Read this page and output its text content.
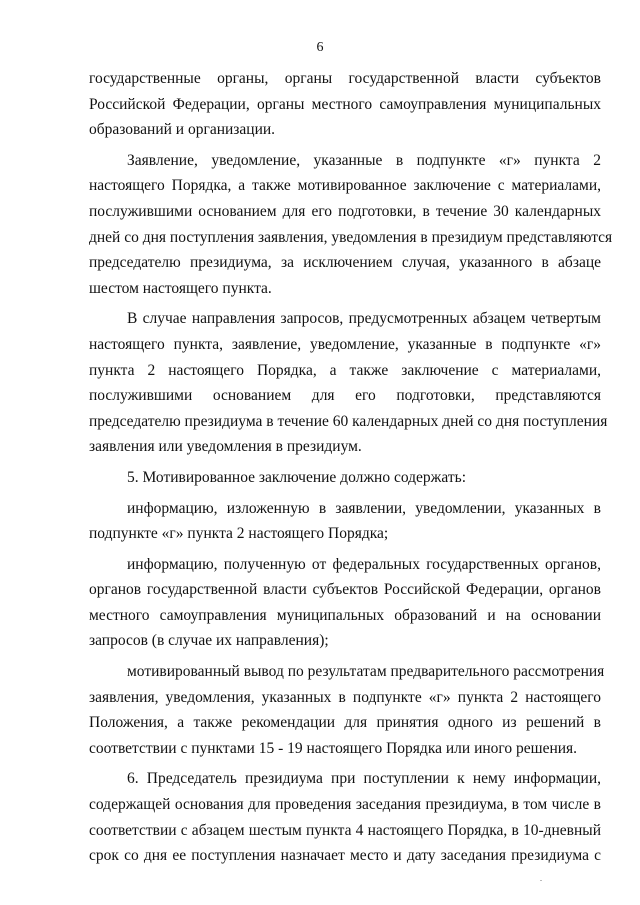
6

государственные органы, органы государственной власти субъектов
Российской Федерации, органы местного самоуправления муниципальных
образований и организации.

Заявление, уведомление, указанные в подпункте «г» пункта 2
настоящего Порядка, а также мотивированное заключение с материалами,
послужившими основанием для его подготовки, в течение 30 календарных
дней со дня поступления заявления, уведомления в президиум представляются
председателю президиума, за исключением случая, указанного в абзаце
шестом настоящего пункта.

В случае направления запросов, предусмотренных абзацем четвертым
настоящего пункта, заявление, уведомление, указанные в подпункте «г»
пункта 2 настоящего Порядка, а также заключение с материалами,
послужившими основанием для его подготовки, представляются
председателю президиума в течение 60 календарных дней со дня поступления
заявления или уведомления в президиум.

5. Мотивированное заключение должно содержать:

информацию, изложенную в заявлении, уведомлении, указанных в
подпункте «г» пункта 2 настоящего Порядка;

информацию, полученную от федеральных государственных органов,
органов государственной власти субъектов Российской Федерации, органов
местного самоуправления муниципальных образований и на основании
запросов (в случае их направления);

мотивированный вывод по результатам предварительного рассмотрения
заявления, уведомления, указанных в подпункте «г» пункта 2 настоящего
Положения, а также рекомендации для принятия одного из решений в
соответствии с пунктами 15 - 19 настоящего Порядка или иного решения.

6. Председатель президиума при поступлении к нему информации,
содержащей основания для проведения заседания президиума, в том числе в
соответствии с абзацем шестым пункта 4 настоящего Порядка, в 10-дневный
срок со дня ее поступления назначает место и дату заседания президиума с
